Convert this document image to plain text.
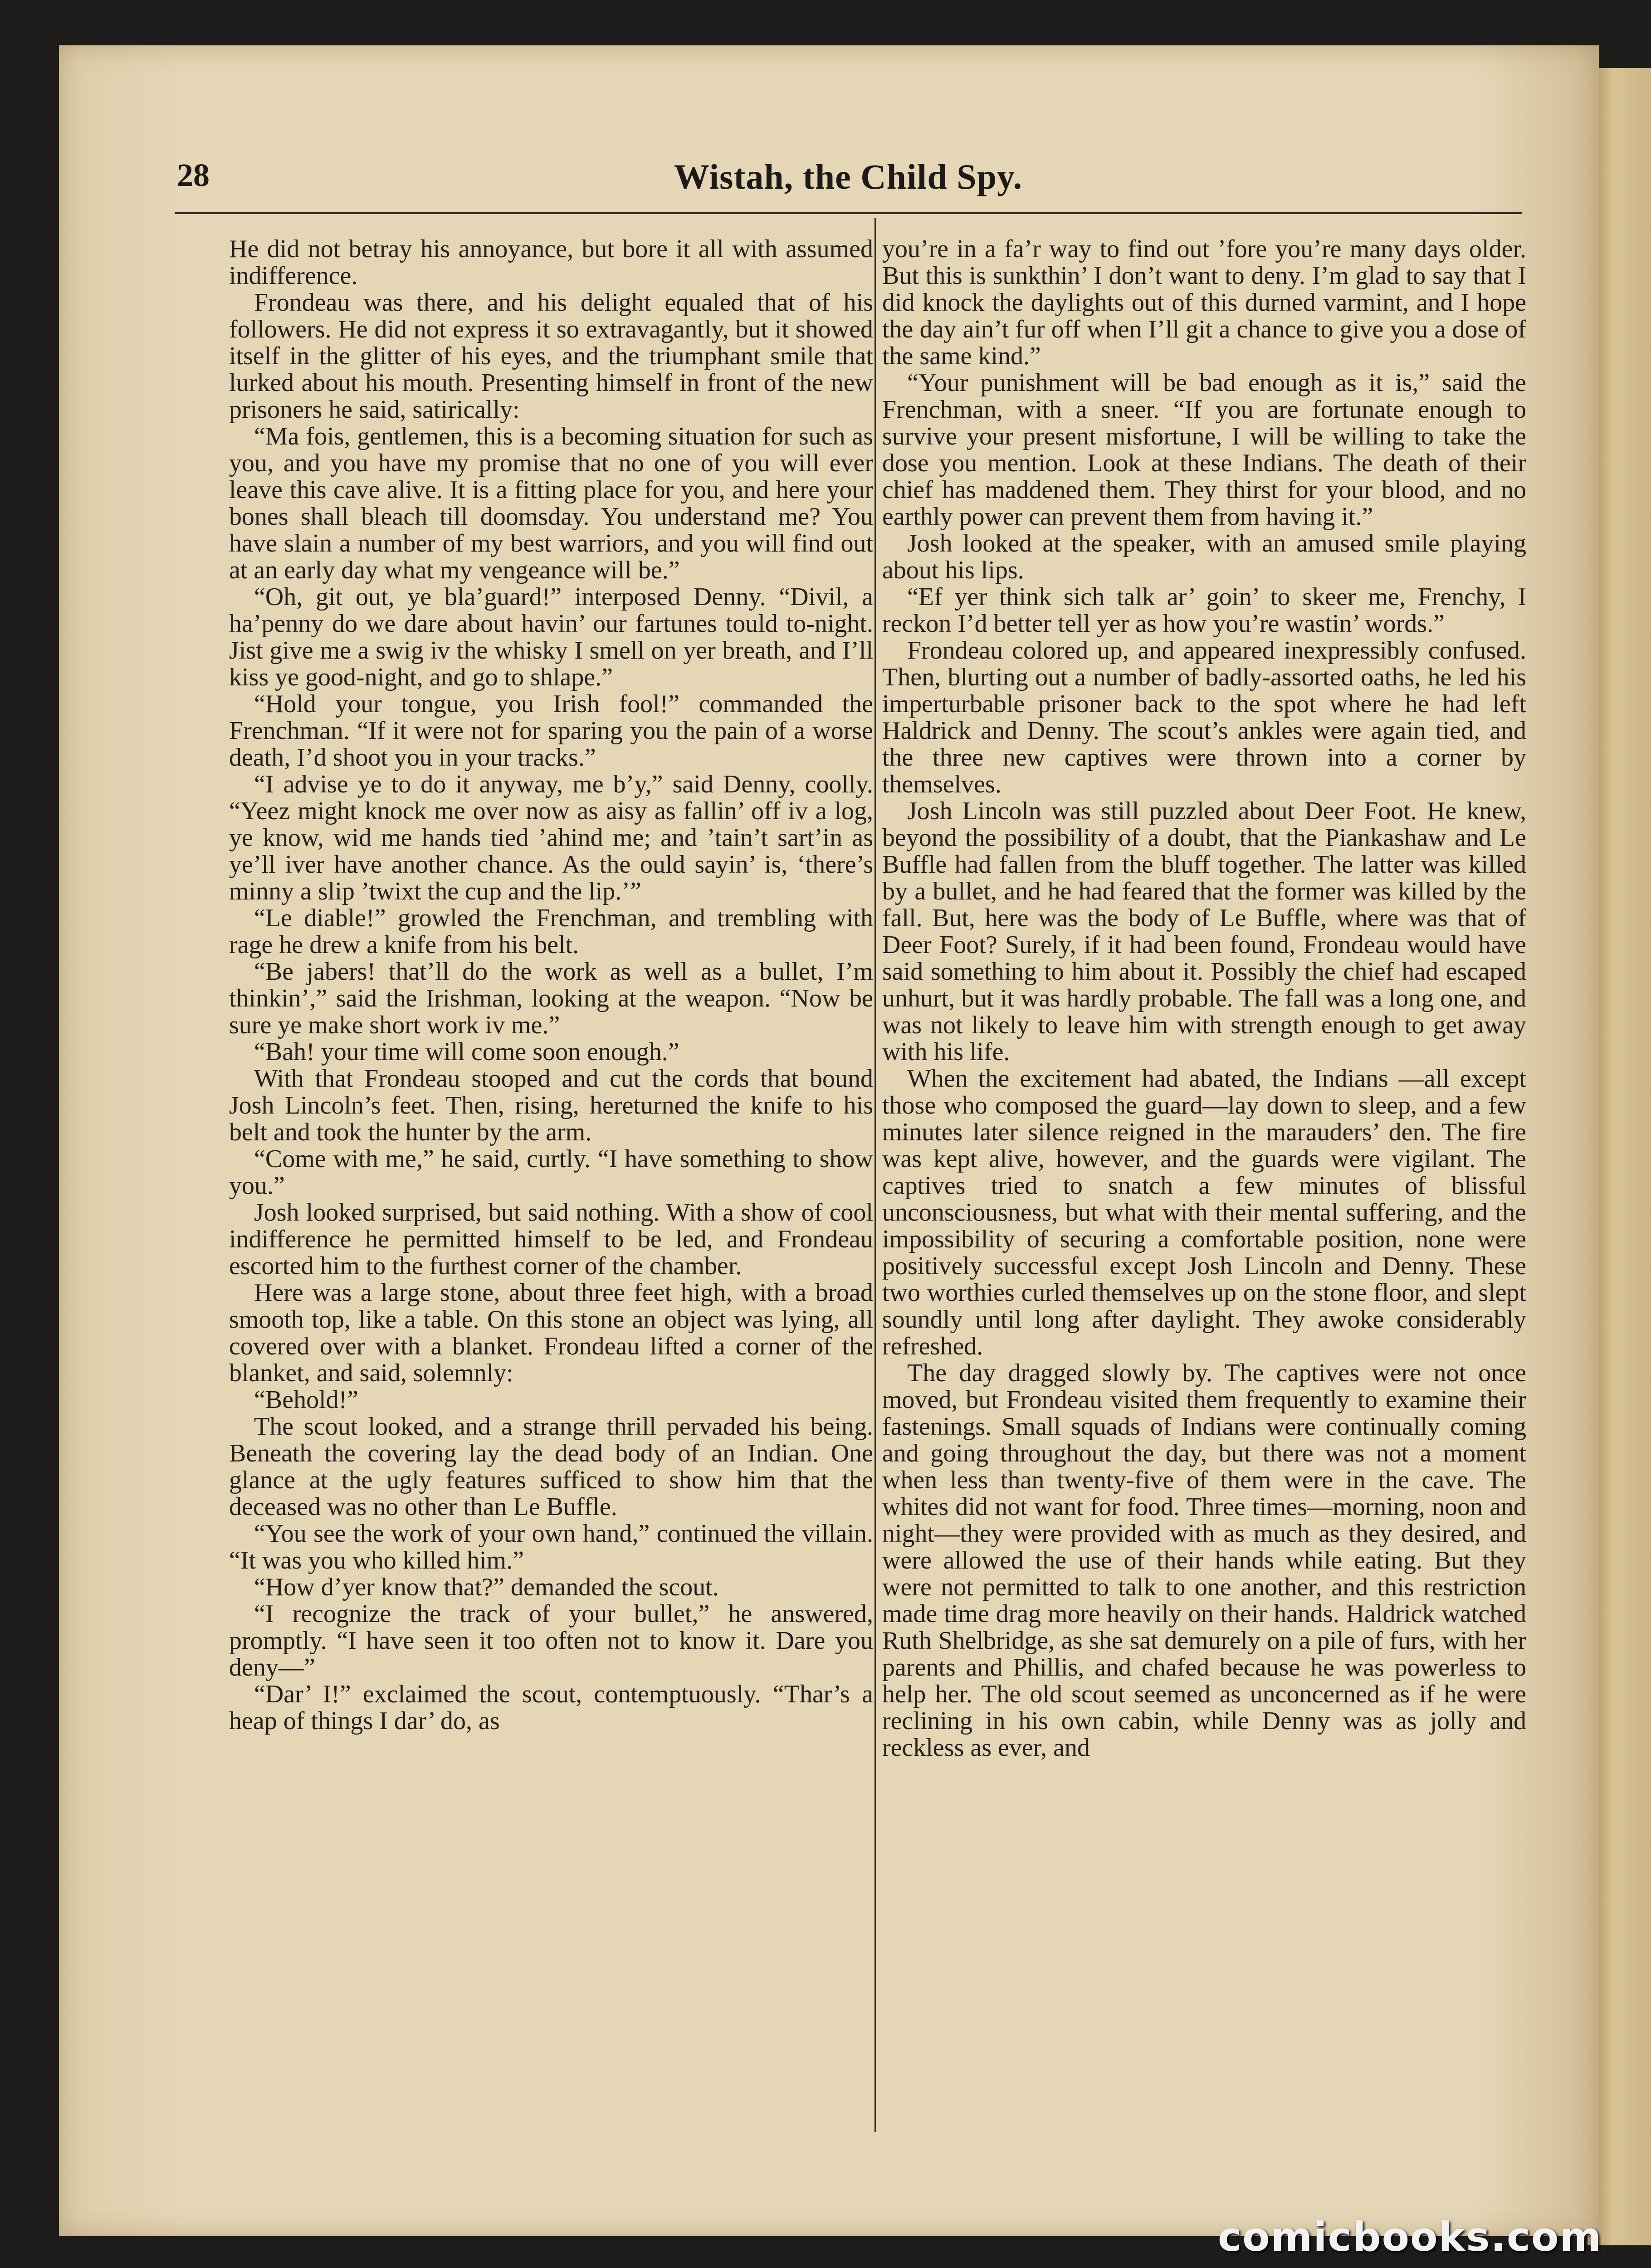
28	Wistah, the Child Spy.

He did not betray his annoyance, but bore it all with assumed indifference.

Frondeau was there, and his delight equaled that of his followers. He did not express it so extravagantly, but it showed itself in the glitter of his eyes, and the triumphant smile that lurked about his mouth. Presenting himself in front of the new prisoners he said, satirically:

“Ma fois, gentlemen, this is a becoming situation for such as you, and you have my promise that no one of you will ever leave this cave alive. It is a fitting place for you, and here your bones shall bleach till doomsday. You understand me? You have slain a number of my best warriors, and you will find out at an early day what my vengeance will be.”

“Oh, git out, ye bla’guard!” interposed Denny. “Divil, a ha’penny do we dare about havin’ our fartunes tould to-night. Jist give me a swig iv the whisky I smell on yer breath, and I’ll kiss ye good-night, and go to shlape.”

“Hold your tongue, you Irish fool!” commanded the Frenchman. “If it were not for sparing you the pain of a worse death, I’d shoot you in your tracks.”

“I advise ye to do it anyway, me b’y,” said Denny, coolly. “Yeez might knock me over now as aisy as fallin’ off iv a log, ye know, wid me hands tied ’ahind me; and ’tain’t sart’in as ye’ll iver have another chance. As the ould sayin’ is, ‘there’s minny a slip ’twixt the cup and the lip.’”

“Le diable!” growled the Frenchman, and trembling with rage he drew a knife from his belt.

“Be jabers! that’ll do the work as well as a bullet, I’m thinkin’,” said the Irishman, looking at the weapon. “Now be sure ye make short work iv me.”

“Bah! your time will come soon enough.”

With that Frondeau stooped and cut the cords that bound Josh Lincoln’s feet. Then, rising, hereturned the knife to his belt and took the hunter by the arm.

“Come with me,” he said, curtly. “I have something to show you.”

Josh looked surprised, but said nothing. With a show of cool indifference he permitted himself to be led, and Frondeau escorted him to the furthest corner of the chamber.

Here was a large stone, about three feet high, with a broad smooth top, like a table. On this stone an object was lying, all covered over with a blanket. Frondeau lifted a corner of the blanket, and said, solemnly:

“Behold!”

The scout looked, and a strange thrill pervaded his being. Beneath the covering lay the dead body of an Indian. One glance at the ugly features sufficed to show him that the deceased was no other than Le Buffle.

“You see the work of your own hand,” continued the villain. “It was you who killed him.”

“How d’yer know that?” demanded the scout.

“I recognize the track of your bullet,” he answered, promptly. “I have seen it too often not to know it. Dare you deny—”

“Dar’ I!” exclaimed the scout, contemptuously. “Thar’s a heap of things I dar’ do, as

you’re in a fa’r way to find out ’fore you’re many days older. But this is sunkthin’ I don’t want to deny. I’m glad to say that I did knock the daylights out of this durned varmint, and I hope the day ain’t fur off when I’ll git a chance to give you a dose of the same kind.”

“Your punishment will be bad enough as it is,” said the Frenchman, with a sneer. “If you are fortunate enough to survive your present misfortune, I will be willing to take the dose you mention. Look at these Indians. The death of their chief has maddened them. They thirst for your blood, and no earthly power can prevent them from having it.”

Josh looked at the speaker, with an amused smile playing about his lips.

“Ef yer think sich talk ar’ goin’ to skeer me, Frenchy, I reckon I’d better tell yer as how you’re wastin’ words.”

Frondeau colored up, and appeared inexpressibly confused. Then, blurting out a number of badly-assorted oaths, he led his imperturbable prisoner back to the spot where he had left Haldrick and Denny. The scout’s ankles were again tied, and the three new captives were thrown into a corner by themselves.

Josh Lincoln was still puzzled about Deer Foot. He knew, beyond the possibility of a doubt, that the Piankashaw and Le Buffle had fallen from the bluff together. The latter was killed by a bullet, and he had feared that the former was killed by the fall. But, here was the body of Le Buffle, where was that of Deer Foot? Surely, if it had been found, Frondeau would have said something to him about it. Possibly the chief had escaped unhurt, but it was hardly probable. The fall was a long one, and was not likely to leave him with strength enough to get away with his life.

When the excitement had abated, the Indians —all except those who composed the guard—lay down to sleep, and a few minutes later silence reigned in the marauders’ den. The fire was kept alive, however, and the guards were vigilant. The captives tried to snatch a few minutes of blissful unconsciousness, but what with their mental suffering, and the impossibility of securing a comfortable position, none were positively successful except Josh Lincoln and Denny. These two worthies curled themselves up on the stone floor, and slept soundly until long after daylight. They awoke considerably refreshed.

The day dragged slowly by. The captives were not once moved, but Frondeau visited them frequently to examine their fastenings. Small squads of Indians were continually coming and going throughout the day, but there was not a moment when less than twenty-five of them were in the cave. The whites did not want for food. Three times—morning, noon and night—they were provided with as much as they desired, and were allowed the use of their hands while eating. But they were not permitted to talk to one another, and this restriction made time drag more heavily on their hands. Haldrick watched Ruth Shelbridge, as she sat demurely on a pile of furs, with her parents and Phillis, and chafed because he was powerless to help her. The old scout seemed as unconcerned as if he were reclining in his own cabin, while Denny was as jolly and reckless as ever, and

comicbooks.com
